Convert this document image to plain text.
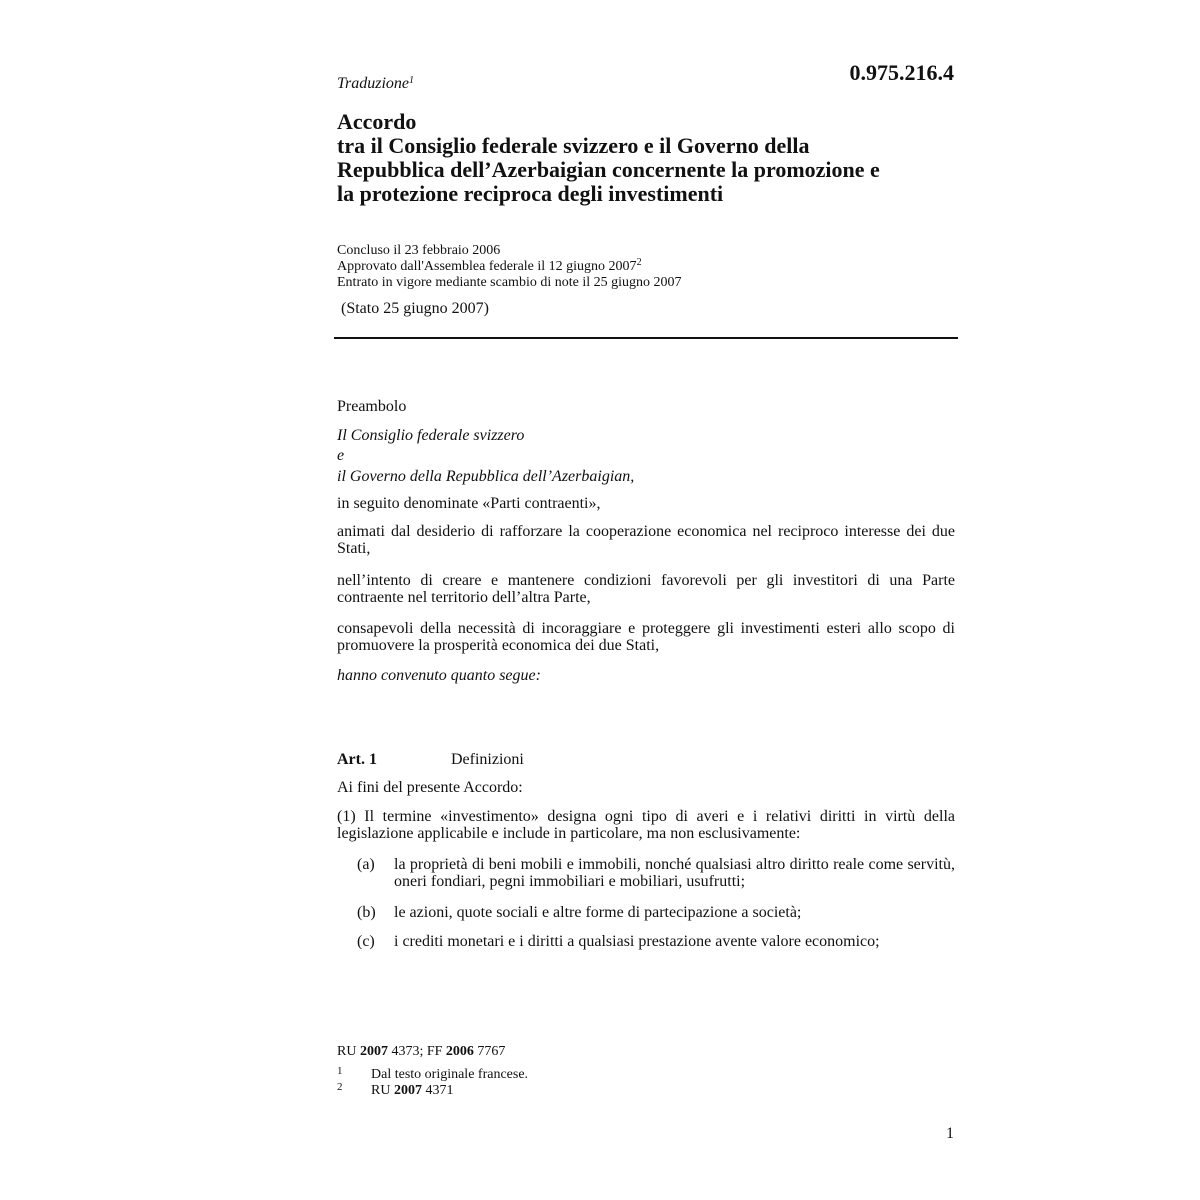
Traduzione$^1$	0.975.216.4
Accordo
tra il Consiglio federale svizzero e il Governo della
Repubblica dell’Azerbaigian concernente la promozione e
la protezione reciproca degli investimenti
Concluso il 23 febbraio 2006
Approvato dall'Assemblea federale il 12 giugno 2007$^2$
Entrato in vigore mediante scambio di note il 25 giugno 2007
(Stato 25 giugno 2007)
Preambolo
Il Consiglio federale svizzero
e
il Governo della Repubblica dell’Azerbaigian,
in seguito denominate «Parti contraenti»,
animati dal desiderio di rafforzare la cooperazione economica nel reciproco interesse dei due Stati,
nell’intento di creare e mantenere condizioni favorevoli per gli investitori di una Parte contraente nel territorio dell’altra Parte,
consapevoli della necessità di incoraggiare e proteggere gli investimenti esteri allo scopo di promuovere la prosperità economica dei due Stati,
hanno convenuto quanto segue:
Art. 1	Definizioni
Ai fini del presente Accordo:
(1) Il termine «investimento» designa ogni tipo di averi e i relativi diritti in virtù della legislazione applicabile e include in particolare, ma non esclusivamente:
(a)	la proprietà di beni mobili e immobili, nonché qualsiasi altro diritto reale come servitù, oneri fondiari, pegni immobiliari e mobiliari, usufrutti;
(b)	le azioni, quote sociali e altre forme di partecipazione a società;
(c)	i crediti monetari e i diritti a qualsiasi prestazione avente valore economico;
RU 2007 4373; FF 2006 7767
1 Dal testo originale francese.
2 RU 2007 4371
1
